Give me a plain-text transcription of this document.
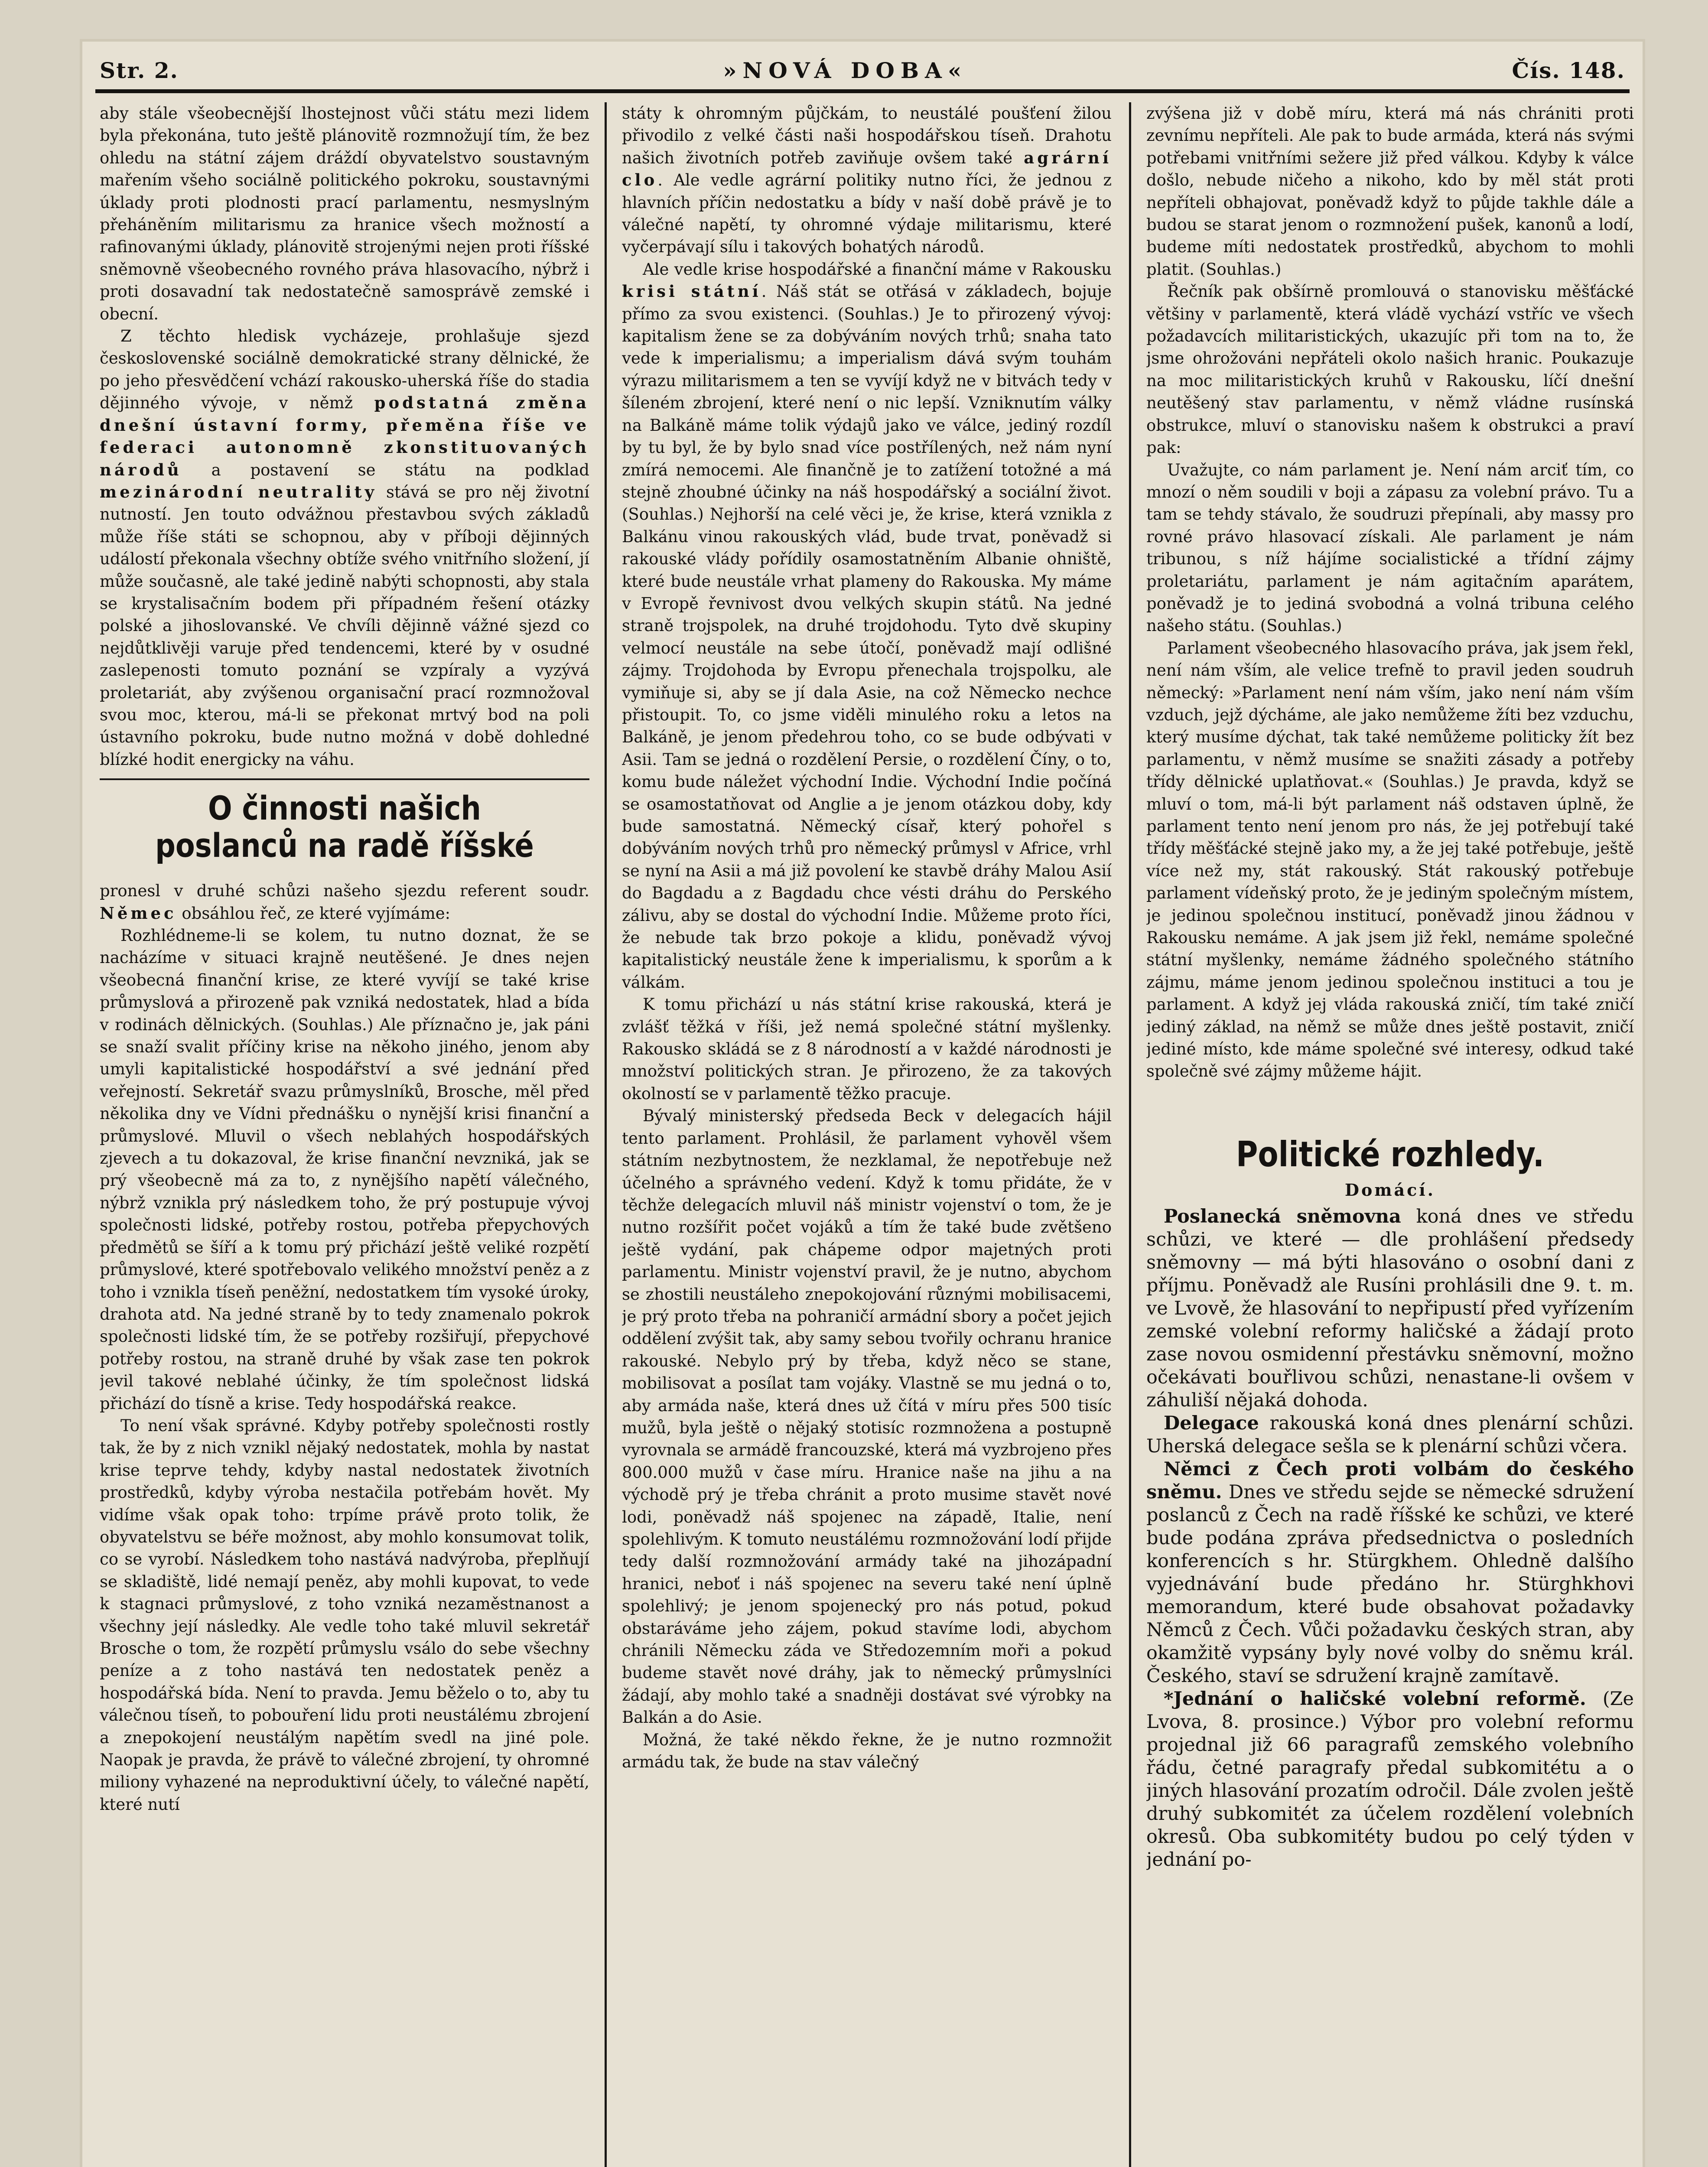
Str. 2.	»NOVÁ DOBA«	Čís. 148.

aby stále všeobecnější lhostejnost vůči státu mezi lidem byla překonána, tuto ještě plánovitě rozmnožují tím, že bez ohledu na státní zájem dráždí obyvatelstvo soustavným mařením všeho sociálně politického pokroku, soustavnými úklady proti plodnosti prací parlamentu, nesmyslným přeháněním militarismu za hranice všech možností a rafinovanými úklady, plánovitě strojenými nejen proti říšské sněmovně všeobecného rovného práva hlasovacího, nýbrž i proti dosavadní tak nedostatečně samosprávě zemské i obecní.

Z těchto hledisk vycházeje, prohlašuje sjezd československé sociálně demokratické strany dělnické, že po jeho přesvědčení vchází rakousko-uherská říše do stadia dějinného vývoje, v němž podstatná změna dnešní ústavní formy, přeměna říše ve federaci autonomně zkonstituovaných národů a postavení se státu na podklad mezinárodní neutrality stává se pro něj životní nutností. Jen touto odvážnou přestavbou svých základů může říše státi se schopnou, aby v příboji dějinných událostí překonala všechny obtíže svého vnitřního složení, jí může současně, ale také jedině nabýti schopnosti, aby stala se krystalisačním bodem při případném řešení otázky polské a jihoslovanské. Ve chvíli dějinně vážné sjezd co nejdůtklivěji varuje před tendencemi, které by v osudné zaslepenosti tomuto poznání se vzpíraly a vyzývá proletariát, aby zvýšenou organisační prací rozmnožoval svou moc, kterou, má-li se překonat mrtvý bod na poli ústavního pokroku, bude nutno možná v době dohledné blízké hodit energicky na váhu.

O činnosti našich poslanců na radě říšské

pronesl v druhé schůzi našeho sjezdu referent soudr. Němec obsáhlou řeč, ze které vyjímáme:

Rozhlédneme-li se kolem, tu nutno doznat, že se nacházíme v situaci krajně neutěšené. Je dnes nejen všeobecná finanční krise, ze které vyvíjí se také krise průmyslová a přirozeně pak vzniká nedostatek, hlad a bída v rodinách dělnických. (Souhlas.) Ale příznačno je, jak páni se snaží svalit příčiny krise na někoho jiného, jenom aby umyli kapitalistické hospodářství a své jednání před veřejností. Sekretář svazu průmyslníků, Brosche, měl před několika dny ve Vídni přednášku o nynější krisi finanční a průmyslové. Mluvil o všech neblahých hospodářských zjevech a tu dokazoval, že krise finanční nevzniká, jak se prý všeobecně má za to, z nynějšího napětí válečného, nýbrž vznikla prý následkem toho, že prý postupuje vývoj společnosti lidské, potřeby rostou, potřeba přepychových předmětů se šíří a k tomu prý přichází ještě veliké rozpětí průmyslové, které spotřebovalo velikého množství peněz a z toho i vznikla tíseň peněžní, nedostatkem tím vysoké úroky, drahota atd. Na jedné straně by to tedy znamenalo pokrok společnosti lidské tím, že se potřeby rozšiřují, přepychové potřeby rostou, na straně druhé by však zase ten pokrok jevil takové neblahé účinky, že tím společnost lidská přichází do tísně a krise. Tedy hospodářská reakce.

To není však správné. Kdyby potřeby společnosti rostly tak, že by z nich vznikl nějaký nedostatek, mohla by nastat krise teprve tehdy, kdyby nastal nedostatek životních prostředků, kdyby výroba nestačila potřebám hovět. My vidíme však opak toho: trpíme právě proto tolik, že obyvatelstvu se béře možnost, aby mohlo konsumovat tolik, co se vyrobí. Následkem toho nastává nadvýroba, přeplňují se skladiště, lidé nemají peněz, aby mohli kupovat, to vede k stagnaci průmyslové, z toho vzniká nezaměstnanost a všechny její následky. Ale vedle toho také mluvil sekretář Brosche o tom, že rozpětí průmyslu vsálo do sebe všechny peníze a z toho nastává ten nedostatek peněz a hospodářská bída. Není to pravda. Jemu běželo o to, aby tu válečnou tíseň, to pobouření lidu proti neustálému zbrojení a znepokojení neustálým napětím svedl na jiné pole. Naopak je pravda, že právě to válečné zbrojení, ty ohromné miliony vyhazené na neproduktivní účely, to válečné napětí, které nutí

státy k ohromným půjčkám, to neustálé poušťení žilou přivodilo z velké části naši hospodářskou tíseň. Drahotu našich životních potřeb zaviňuje ovšem také agrární clo. Ale vedle agrární politiky nutno říci, že jednou z hlavních příčin nedostatku a bídy v naší době právě je to válečné napětí, ty ohromné výdaje militarismu, které vyčerpávají sílu i takových bohatých národů.

Ale vedle krise hospodářské a finanční máme v Rakousku krisi státní. Náš stát se otřásá v základech, bojuje přímo za svou existenci. (Souhlas.) Je to přirozený vývoj: kapitalism žene se za dobýváním nových trhů; snaha tato vede k imperialismu; a imperialism dává svým touhám výrazu militarismem a ten se vyvíjí když ne v bitvách tedy v šíleném zbrojení, které není o nic lepší. Vzniknutím války na Balkáně máme tolik výdajů jako ve válce, jediný rozdíl by tu byl, že by bylo snad více postřílených, než nám nyní zmírá nemocemi. Ale finančně je to zatížení totožné a má stejně zhoubné účinky na náš hospodářský a sociální život. (Souhlas.) Nejhorší na celé věci je, že krise, která vznikla z Balkánu vinou rakouských vlád, bude trvat, poněvadž si rakouské vlády pořídily osamostatněním Albanie ohniště, které bude neustále vrhat plameny do Rakouska. My máme v Evropě řevnivost dvou velkých skupin států. Na jedné straně trojspolek, na druhé trojdohodu. Tyto dvě skupiny velmocí neustále na sebe útočí, poněvadž mají odlišné zájmy. Trojdohoda by Evropu přenechala trojspolku, ale vymiňuje si, aby se jí dala Asie, na což Německo nechce přistoupit. To, co jsme viděli minulého roku a letos na Balkáně, je jenom předehrou toho, co se bude odbývati v Asii. Tam se jedná o rozdělení Persie, o rozdělení Číny, o to, komu bude náležet východní Indie. Východní Indie počíná se osamostatňovat od Anglie a je jenom otázkou doby, kdy bude samostatná. Německý císař, který pohořel s dobýváním nových trhů pro německý průmysl v Africe, vrhl se nyní na Asii a má již povolení ke stavbě dráhy Malou Asií do Bagdadu a z Bagdadu chce vésti dráhu do Perského zálivu, aby se dostal do východní Indie. Můžeme proto říci, že nebude tak brzo pokoje a klidu, poněvadž vývoj kapitalistický neustále žene k imperialismu, k sporům a k válkám.

K tomu přichází u nás státní krise rakouská, která je zvlášť těžká v říši, jež nemá společné státní myšlenky. Rakousko skládá se z 8 národností a v každé národnosti je množství politických stran. Je přirozeno, že za takových okolností se v parlamentě těžko pracuje.

Bývalý ministerský předseda Beck v delegacích hájil tento parlament. Prohlásil, že parlament vyhověl všem státním nezbytnostem, že nezklamal, že nepotřebuje než účelného a správného vedení. Když k tomu přidáte, že v těchže delegacích mluvil náš ministr vojenství o tom, že je nutno rozšířit počet vojáků a tím že také bude zvětšeno ještě vydání, pak chápeme odpor majetných proti parlamentu. Ministr vojenství pravil, že je nutno, abychom se zhostili neustáleho znepokojování různými mobilisacemi, je prý proto třeba na pohraničí armádní sbory a počet jejich oddělení zvýšit tak, aby samy sebou tvořily ochranu hranice rakouské. Nebylo prý by třeba, když něco se stane, mobilisovat a posílat tam vojáky. Vlastně se mu jedná o to, aby armáda naše, která dnes už čítá v míru přes 500 tisíc mužů, byla ještě o nějaký stotisíc rozmnožena a postupně vyrovnala se armádě francouzské, která má vyzbrojeno přes 800.000 mužů v čase míru. Hranice naše na jihu a na východě prý je třeba chránit a proto musime stavět nové lodi, poněvadž náš spojenec na západě, Italie, není spolehlivým. K tomuto neustálému rozmnožování lodí přijde tedy další rozmnožování armády také na jihozápadní hranici, neboť i náš spojenec na severu také není úplně spolehlivý; je jenom spojenecký pro nás potud, pokud obstaráváme jeho zájem, pokud stavíme lodi, abychom chránili Německu záda ve Středozemním moři a pokud budeme stavět nové dráhy, jak to německý průmyslníci žádají, aby mohlo také a snadněji dostávat své výrobky na Balkán a do Asie.

Možná, že také někdo řekne, že je nutno rozmnožit armádu tak, že bude na stav válečný

zvýšena již v době míru, která má nás chrániti proti zevnímu nepříteli. Ale pak to bude armáda, která nás svými potřebami vnitřními sežere již před válkou. Kdyby k válce došlo, nebude ničeho a nikoho, kdo by měl stát proti nepříteli obhajovat, poněvadž když to půjde takhle dále a budou se starat jenom o rozmnožení pušek, kanonů a lodí, budeme míti nedostatek prostředků, abychom to mohli platit. (Souhlas.)

Řečník pak obšírně promlouvá o stanovisku měšťácké většiny v parlamentě, která vládě vychází vstříc ve všech požadavcích militaristických, ukazujíc při tom na to, že jsme ohrožováni nepřáteli okolo našich hranic. Poukazuje na moc militaristických kruhů v Rakousku, líčí dnešní neutěšený stav parlamentu, v němž vládne rusínská obstrukce, mluví o stanovisku našem k obstrukci a praví pak:

Uvažujte, co nám parlament je. Není nám arciť tím, co mnozí o něm soudili v boji a zápasu za volební právo. Tu a tam se tehdy stávalo, že soudruzi přepínali, aby massy pro rovné právo hlasovací získali. Ale parlament je nám tribunou, s níž hájíme socialistické a třídní zájmy proletariátu, parlament je nám agitačním aparátem, poněvadž je to jediná svobodná a volná tribuna celého našeho státu. (Souhlas.)

Parlament všeobecného hlasovacího práva, jak jsem řekl, není nám vším, ale velice trefně to pravil jeden soudruh německý: »Parlament není nám vším, jako není nám vším vzduch, jejž dýcháme, ale jako nemůžeme žíti bez vzduchu, který musíme dýchat, tak také nemůžeme politicky žít bez parlamentu, v němž musíme se snažiti zásady a potřeby třídy dělnické uplatňovat.« (Souhlas.) Je pravda, když se mluví o tom, má-li být parlament náš odstaven úplně, že parlament tento není jenom pro nás, že jej potřebují také třídy měšťácké stejně jako my, a že jej také potřebuje, ještě více než my, stát rakouský. Stát rakouský potřebuje parlament vídeňský proto, že je jediným společným místem, je jedinou společnou institucí, poněvadž jinou žádnou v Rakousku nemáme. A jak jsem již řekl, nemáme společné státní myšlenky, nemáme žádného společného státního zájmu, máme jenom jedinou společnou instituci a tou je parlament. A když jej vláda rakouská zničí, tím také zničí jediný základ, na němž se může dnes ještě postavit, zničí jediné místo, kde máme společné své interesy, odkud také společně své zájmy můžeme hájit.

Politické rozhledy.
Domácí.

Poslanecká sněmovna koná dnes ve středu schůzi, ve které — dle prohlášení předsedy sněmovny — má býti hlasováno o osobní dani z příjmu. Poněvadž ale Rusíni prohlásili dne 9. t. m. ve Lvově, že hlasování to nepřipustí před vyřízením zemské volební reformy haličské a žádají proto zase novou osmidenní přestávku sněmovní, možno očekávati bouřlivou schůzi, nenastane-li ovšem v záhuliší nějaká dohoda.

Delegace rakouská koná dnes plenární schůzi. Uherská delegace sešla se k plenární schůzi včera.

Němci z Čech proti volbám do českého sněmu. Dnes ve středu sejde se německé sdružení poslanců z Čech na radě říšské ke schůzi, ve které bude podána zpráva předsednictva o posledních konferencích s hr. Stürgkhem. Ohledně dalšího vyjednávání bude předáno hr. Stürghkhovi memorandum, které bude obsahovat požadavky Němců z Čech. Vůči požadavku českých stran, aby okamžitě vypsány byly nové volby do sněmu král. Českého, staví se sdružení krajně zamítavě.

*Jednání o haličské volební reformě. (Ze Lvova, 8. prosince.) Výbor pro volební reformu projednal již 66 paragrafů zemského volebního řádu, četné paragrafy předal subkomitétu a o jiných hlasování prozatím odročil. Dále zvolen ještě druhý subkomitét za účelem rozdělení volebních okresů. Oba subkomitéty budou po celý týden v jednání po-
